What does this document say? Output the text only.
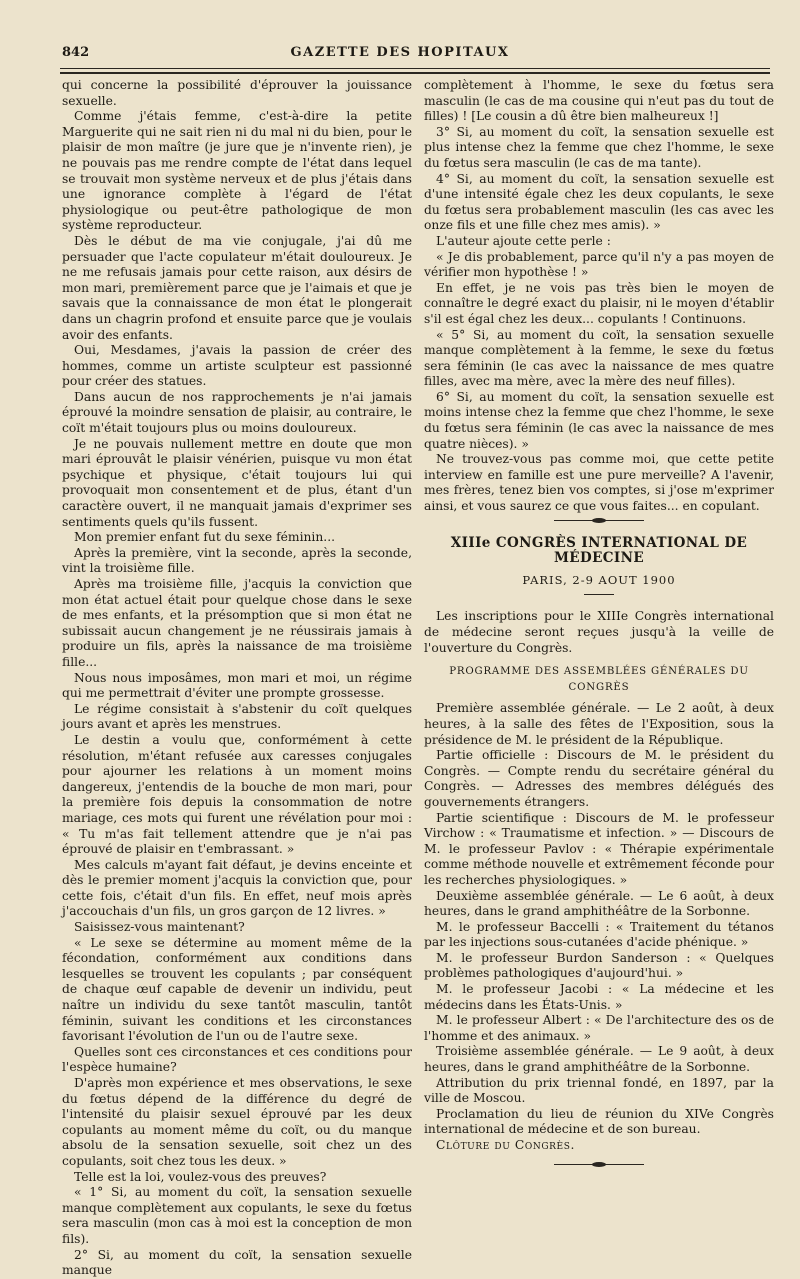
842	GAZETTE DES HOPITAUX

qui concerne la possibilité d'éprouver la jouissance sexuelle.

Comme j'étais femme, c'est-à-dire la petite Marguerite qui ne sait rien ni du mal ni du bien, pour le plaisir de mon maître (je jure que je n'invente rien), je ne pouvais pas me rendre compte de l'état dans lequel se trouvait mon système nerveux et de plus j'étais dans une ignorance complète à l'égard de l'état physiologique ou peut-être pathologique de mon système reproducteur.

Dès le début de ma vie conjugale, j'ai dû me persuader que l'acte copulateur m'était douloureux. Je ne me refusais jamais pour cette raison, aux désirs de mon mari, premièrement parce que je l'aimais et que je savais que la connaissance de mon état le plongerait dans un chagrin profond et ensuite parce que je voulais avoir des enfants.

Oui, Mesdames, j'avais la passion de créer des hommes, comme un artiste sculpteur est passionné pour créer des statues.

Dans aucun de nos rapprochements je n'ai jamais éprouvé la moindre sensation de plaisir, au contraire, le coït m'était toujours plus ou moins douloureux.

Je ne pouvais nullement mettre en doute que mon mari éprouvât le plaisir vénérien, puisque vu mon état psychique et physique, c'était toujours lui qui provoquait mon consentement et de plus, étant d'un caractère ouvert, il ne manquait jamais d'exprimer ses sentiments quels qu'ils fussent.

Mon premier enfant fut du sexe féminin...

Après la première, vint la seconde, après la seconde, vint la troisième fille.

Après ma troisième fille, j'acquis la conviction que mon état actuel était pour quelque chose dans le sexe de mes enfants, et la présomption que si mon état ne subissait aucun changement je ne réussirais jamais à produire un fils, après la naissance de ma troisième fille...

Nous nous imposâmes, mon mari et moi, un régime qui me permettrait d'éviter une prompte grossesse.

Le régime consistait à s'abstenir du coït quelques jours avant et après les menstrues.

Le destin a voulu que, conformément à cette résolution, m'étant refusée aux caresses conjugales pour ajourner les relations à un moment moins dangereux, j'entendis de la bouche de mon mari, pour la première fois depuis la consommation de notre mariage, ces mots qui furent une révélation pour moi : « Tu m'as fait tellement attendre que je n'ai pas éprouvé de plaisir en t'embrassant. »

Mes calculs m'ayant fait défaut, je devins enceinte et dès le premier moment j'acquis la conviction que, pour cette fois, c'était d'un fils. En effet, neuf mois après j'accouchais d'un fils, un gros garçon de 12 livres. »

Saisissez-vous maintenant?

« Le sexe se détermine au moment même de la fécondation, conformément aux conditions dans lesquelles se trouvent les copulants ; par conséquent de chaque œuf capable de devenir un individu, peut naître un individu du sexe tantôt masculin, tantôt féminin, suivant les conditions et les circonstances favorisant l'évolution de l'un ou de l'autre sexe.

Quelles sont ces circonstances et ces conditions pour l'espèce humaine?

D'après mon expérience et mes observations, le sexe du fœtus dépend de la différence du degré de l'intensité du plaisir sexuel éprouvé par les deux copulants au moment même du coït, ou du manque absolu de la sensation sexuelle, soit chez un des copulants, soit chez tous les deux. »

Telle est la loi, voulez-vous des preuves?

« 1° Si, au moment du coït, la sensation sexuelle manque complètement aux copulants, le sexe du fœtus sera masculin (mon cas à moi est la conception de mon fils).

2° Si, au moment du coït, la sensation sexuelle manque

complètement à l'homme, le sexe du fœtus sera masculin (le cas de ma cousine qui n'eut pas du tout de filles) ! [Le cousin a dû être bien malheureux !]

3° Si, au moment du coït, la sensation sexuelle est plus intense chez la femme que chez l'homme, le sexe du fœtus sera masculin (le cas de ma tante).

4° Si, au moment du coït, la sensation sexuelle est d'une intensité égale chez les deux copulants, le sexe du fœtus sera probablement masculin (les cas avec les onze fils et une fille chez mes amis). »

L'auteur ajoute cette perle :

« Je dis probablement, parce qu'il n'y a pas moyen de vérifier mon hypothèse ! »

En effet, je ne vois pas très bien le moyen de connaître le degré exact du plaisir, ni le moyen d'établir s'il est égal chez les deux... copulants ! Continuons.

« 5° Si, au moment du coït, la sensation sexuelle manque complètement à la femme, le sexe du fœtus sera féminin (le cas avec la naissance de mes quatre filles, avec ma mère, avec la mère des neuf filles).

6° Si, au moment du coït, la sensation sexuelle est moins intense chez la femme que chez l'homme, le sexe du fœtus sera féminin (le cas avec la naissance de mes quatre nièces). »

Ne trouvez-vous pas comme moi, que cette petite interview en famille est une pure merveille? A l'avenir, mes frères, tenez bien vos comptes, si j'ose m'exprimer ainsi, et vous saurez ce que vous faites... en copulant.

XIIIe CONGRÈS INTERNATIONAL DE MÉDECINE
PARIS, 2-9 AOUT 1900

Les inscriptions pour le XIIIe Congrès international de médecine seront reçues jusqu'à la veille de l'ouverture du Congrès.

PROGRAMME DES ASSEMBLÉES GÉNÉRALES DU CONGRÈS

Première assemblée générale. — Le 2 août, à deux heures, à la salle des fêtes de l'Exposition, sous la présidence de M. le président de la République.

Partie officielle : Discours de M. le président du Congrès. — Compte rendu du secrétaire général du Congrès. — Adresses des membres délégués des gouvernements étrangers.

Partie scientifique : Discours de M. le professeur Virchow : « Traumatisme et infection. » — Discours de M. le professeur Pavlov : « Thérapie expérimentale comme méthode nouvelle et extrêmement féconde pour les recherches physiologiques. »

Deuxième assemblée générale. — Le 6 août, à deux heures, dans le grand amphithéâtre de la Sorbonne.

M. le professeur Baccelli : « Traitement du tétanos par les injections sous-cutanées d'acide phénique. »

M. le professeur Burdon Sanderson : « Quelques problèmes pathologiques d'aujourd'hui. »

M. le professeur Jacobi : « La médecine et les médecins dans les États-Unis. »

M. le professeur Albert : « De l'architecture des os de l'homme et des animaux. »

Troisième assemblée générale. — Le 9 août, à deux heures, dans le grand amphithéâtre de la Sorbonne.

Attribution du prix triennal fondé, en 1897, par la ville de Moscou.

Proclamation du lieu de réunion du XIVe Congrès international de médecine et de son bureau.

Clôture du Congrès.
